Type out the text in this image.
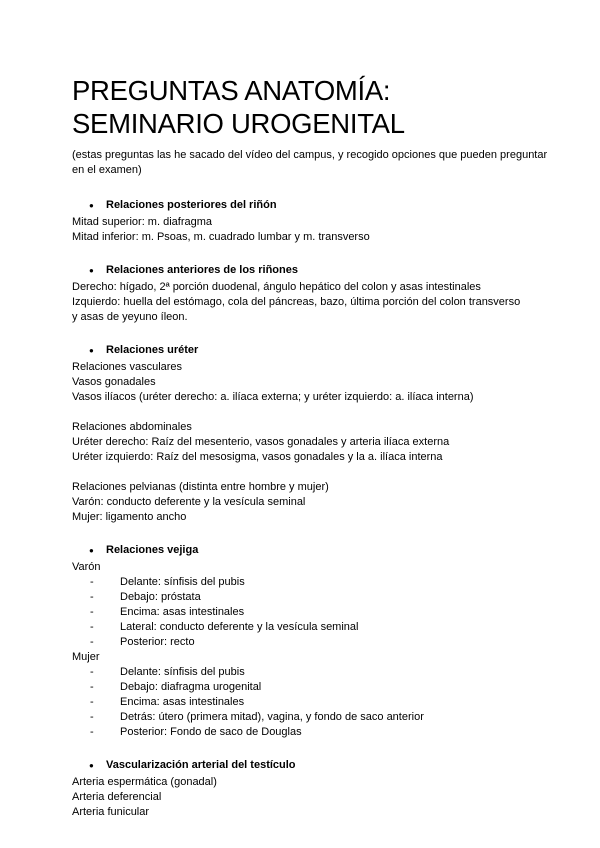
PREGUNTAS ANATOMÍA:
SEMINARIO UROGENITAL
(estas preguntas las he sacado del vídeo del campus, y recogido opciones que pueden preguntar en el examen)
● Relaciones posteriores del riñón
Mitad superior: m. diafragma
Mitad inferior: m. Psoas, m. cuadrado lumbar y m. transverso
● Relaciones anteriores de los riñones
Derecho: hígado, 2ª porción duodenal, ángulo hepático del colon y asas intestinales
Izquierdo: huella del estómago, cola del páncreas, bazo, última porción del colon transverso
y asas de yeyuno íleon.
● Relaciones uréter
Relaciones vasculares
Vasos gonadales
Vasos ilíacos (uréter derecho: a. ilíaca externa; y uréter izquierdo: a. ilíaca interna)
Relaciones abdominales
Uréter derecho: Raíz del mesenterio, vasos gonadales y arteria ilíaca externa
Uréter izquierdo: Raíz del mesosigma, vasos gonadales y la a. ilíaca interna
Relaciones pelvianas (distinta entre hombre y mujer)
Varón: conducto deferente y la vesícula seminal
Mujer: ligamento ancho
● Relaciones vejiga
Varón
- Delante: sínfisis del pubis
- Debajo: próstata
- Encima: asas intestinales
- Lateral: conducto deferente y la vesícula seminal
- Posterior: recto
Mujer
- Delante: sínfisis del pubis
- Debajo: diafragma urogenital
- Encima: asas intestinales
- Detrás: útero (primera mitad), vagina, y fondo de saco anterior
- Posterior: Fondo de saco de Douglas
● Vascularización arterial del testículo
Arteria espermática (gonadal)
Arteria deferencial
Arteria funicular
